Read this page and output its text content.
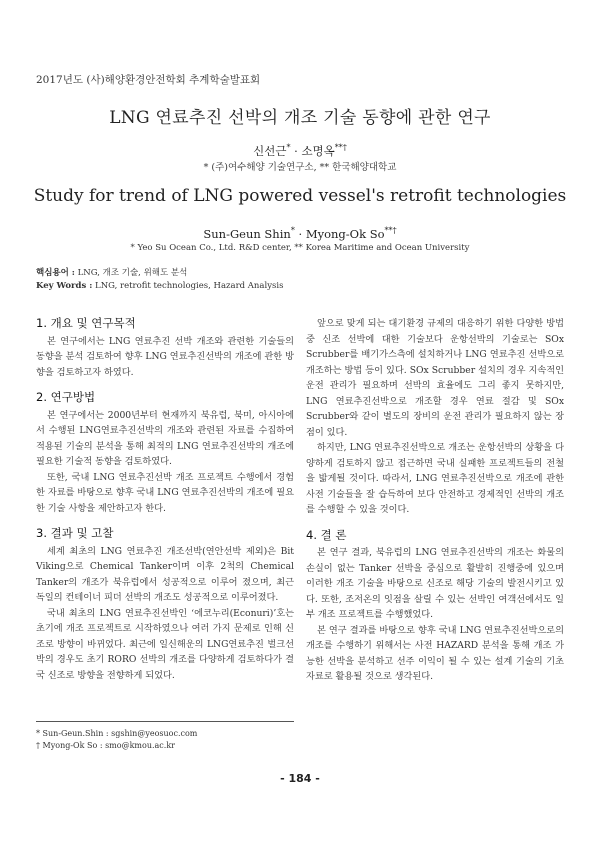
2017년도 (사)해양환경안전학회 추계학술발표회
LNG 연료추진 선박의 개조 기술 동향에 관한 연구
신선근* · 소명옥**†
* (주)여수해양 기술연구소, ** 한국해양대학교
Study for trend of LNG powered vessel's retrofit technologies
Sun-Geun Shin* · Myong-Ok So**†
* Yeo Su Ocean Co., Ltd. R&D center, ** Korea Maritime and Ocean University
핵심용어 : LNG, 개조 기술, 위해도 분석
Key Words : LNG, retrofit technologies, Hazard Analysis
1. 개요 및 연구목적

본 연구에서는 LNG 연료추진 선박 개조와 관련한 기술들의 동향을 분석 검토하여 향후 LNG 연료추진선박의 개조에 관한 방향을 검토하고자 하였다.

2. 연구방법

본 연구에서는 2000년부터 현재까지 북유럽, 북미, 아시아에서 수행된 LNG연료추진선박의 개조와 관련된 자료를 수집하여 적용된 기술의 분석을 통해 최적의 LNG 연료추진선박의 개조에 필요한 기술적 동향을 검토하였다.

또한, 국내 LNG 연료추진선박 개조 프로젝트 수행에서 경험한 자료를 바탕으로 향후 국내 LNG 연료추진선박의 개조에 필요한 기술 사항을 제안하고자 한다.

3. 결과 및 고찰

세계 최초의 LNG 연료추진 개조선박(연안선박 제외)은 Bit Viking으로 Chemical Tanker이며 이후 2척의 Chemical Tanker의 개조가 북유럽에서 성공적으로 이루어 졌으며, 최근 독일의 컨테이너 피더 선박의 개조도 성공적으로 이루어졌다.

국내 최초의 LNG 연료추진선박인 ‘에코누리(Econuri)’호는 초기에 개조 프로젝트로 시작하였으나 여러 가지 문제로 인해 신조로 방향이 바뀌었다. 최근에 일신해운의 LNG연료추진 벌크선박의 경우도 초기 RORO 선박의 개조를 다양하게 검토하다가 결국 신조로 방향을 전향하게 되었다.

앞으로 맞게 되는 대기환경 규제의 대응하기 위한 다양한 방법중 신조 선박에 대한 기술보다 운항선박의 기술로는 SOx Scrubber를 배기가스측에 설치하거나 LNG 연료추진 선박으로 개조하는 방법 등이 있다. SOx Scrubber 설치의 경우 지속적인 운전 관리가 필요하며 선박의 효율에도 그리 좋지 못하지만, LNG 연료추진선박으로 개조할 경우 연료 절감 및 SOx Scrubber와 같이 별도의 장비의 운전 관리가 필요하지 않는 장점이 있다.

하지만, LNG 연료추진선박으로 개조는 운항선박의 상황을 다양하게 검토하지 않고 접근하면 국내 실패한 프로젝트들의 전철을 밟게될 것이다. 따라서, LNG 연료추진선박으로 개조에 관한 사전 기술들을 잘 습득하여 보다 안전하고 경제적인 선박의 개조를 수행할 수 있을 것이다.

4. 결 론

본 연구 결과, 북유럽의 LNG 연료추진선박의 개조는 화물의 손실이 없는 Tanker 선박을 중심으로 활발히 진행중에 있으며 이러한 개조 기술을 바탕으로 신조로 해당 기술의 발전시키고 있다. 또한, 조저온의 잇점을 살릴 수 있는 선박인 여객선에서도 일부 개조 프로젝트를 수행했었다.

본 연구 결과를 바탕으로 향후 국내 LNG 연료추진선박으로의 개조를 수행하기 위해서는 사전 HAZARD 분석을 통해 개조 가능한 선박을 분석하고 선주 이익이 될 수 있는 설계 기술의 기초 자료로 활용될 것으로 생각된다.

* Sun-Geun.Shin : sgshin@yeosuoc.com
† Myong-Ok So : smo@kmou.ac.kr
- 184 -
